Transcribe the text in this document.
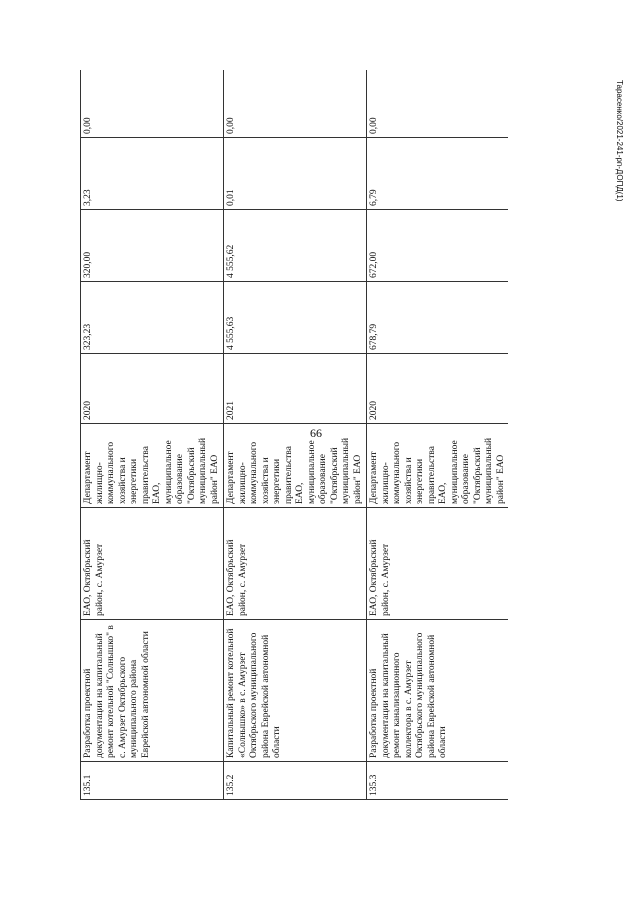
66
Тарасенко/2021-241-рп-ДОПД(1)
135.1	Разработка проектной документации на капитальный ремонт котельной "Солнышко" в с. Амурзет Октябрьского муниципального района Еврейской автономной области	ЕАО, Октябрьский район, с. Амурзет	Департамент жилищно-коммунального хозяйства и энергетики правительства ЕАО, муниципальное образование "Октябрьский муниципальный район" ЕАО	2020	323,23	320,00	3,23	0,00
135.2	Капитальный ремонт котельной «Солнышко» в с. Амурзет Октябрьского муниципального района Еврейской автономной области	ЕАО, Октябрьский район, с. Амурзет	Департамент жилищно-коммунального хозяйства и энергетики правительства ЕАО, муниципальное образование "Октябрьский муниципальный район" ЕАО	2021	4 555,63	4 555,62	0,01	0,00
135.3	Разработка проектной документации на капитальный ремонт канализационного коллектора в с. Амурзет Октябрьского муниципального района Еврейской автономной области	ЕАО, Октябрьский район, с. Амурзет	Департамент жилищно-коммунального хозяйства и энергетики правительства ЕАО, муниципальное образование "Октябрьский муниципальный район" ЕАО	2020	678,79	672,00	6,79	0,00
